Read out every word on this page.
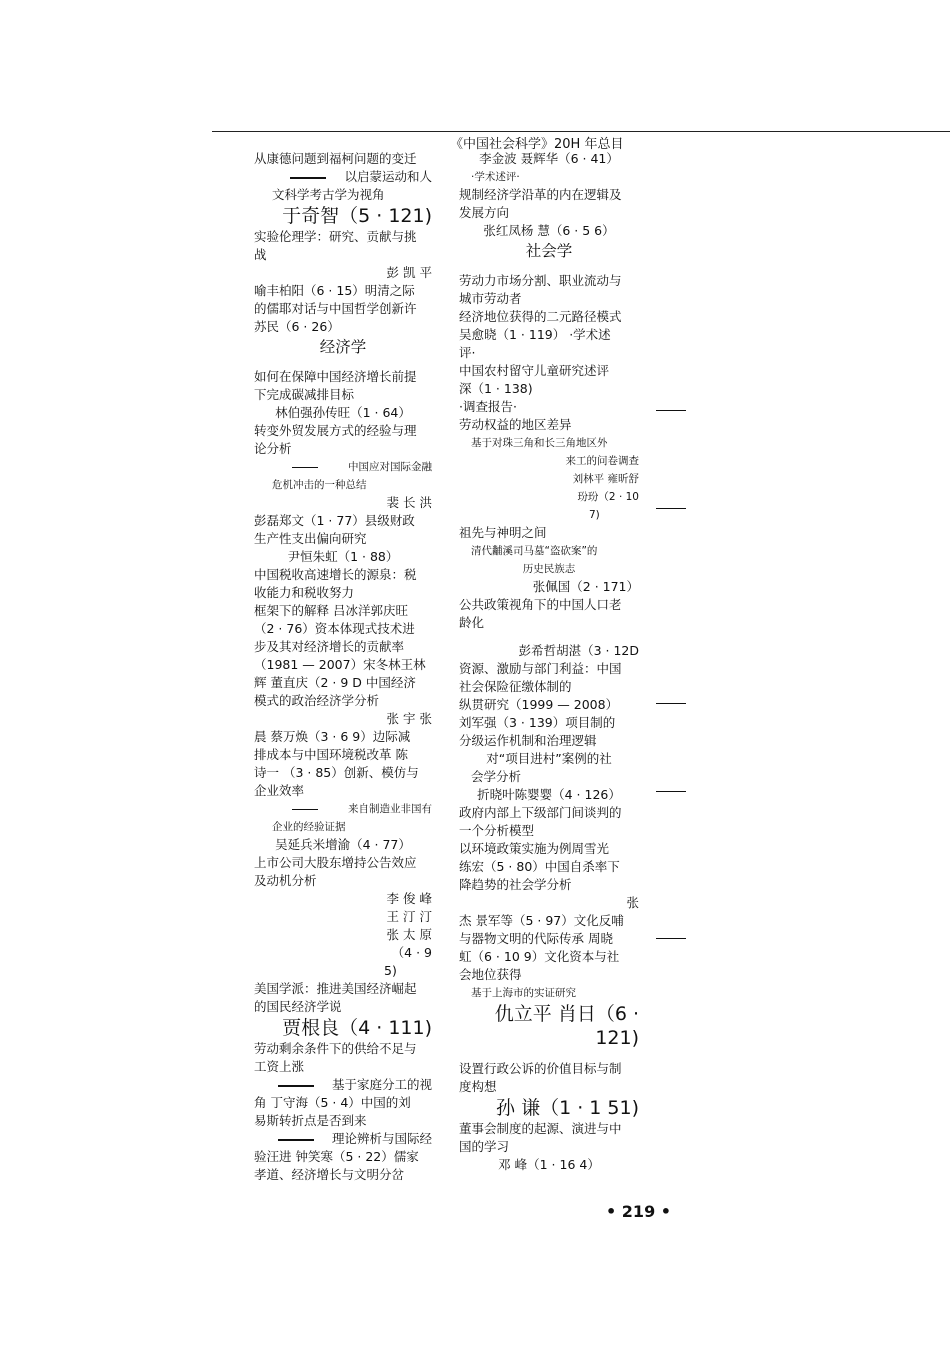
《中国社会科学》20H 年总目
从康德问题到福柯问题的变迁
以启蒙运动和人
文科学考古学为视角
于奇智（5 · 121)
实验伦理学：研究、贡献与挑
战
彭 凯 平
喻丰柏阳（6 · 15）明清之际
的儒耶对话与中国哲学创新许
苏民（6 · 26）
经济学
如何在保障中国经济增长前提
下完成碳减排目标
林伯强孙传旺（1 · 64）
转变外贸发展方式的经验与理
论分析
中国应对国际金融
危机冲击的一种总结
裴 长 洪
彭磊郑文（1 · 77）县级财政
生产性支出偏向研究
尹恒朱虹（1 · 88）
中国税收高速增长的源泉：税
收能力和税收努力
框架下的解释 吕冰洋郭庆旺
（2 · 76）资本体现式技术进
步及其对经济增长的贡献率
（1981 — 2007）宋冬林王林
辉 董直庆（2 · 9 D 中国经济
模式的政治经济学分析
张 宇 张
晨 蔡万焕（3 · 6 9）边际减
排成本与中国环境税改革 陈
诗一 （3 · 85）创新、模仿与
企业效率
来自制造业非国有
企业的经验证据
吴延兵米增渝（4 · 77）
上市公司大股东增持公告效应
及动机分析
李 俊 峰
王 汀 汀
张 太 原
（4 · 9
5)
美国学派：推进美国经济崛起
的国民经济学说
贾根良（4 · 111)
劳动剩余条件下的供给不足与
工资上涨
基于家庭分工的视
角 丁守海（5 · 4）中国的刘
易斯转折点是否到来
理论辨析与国际经
验汪进 钟笑寒（5 · 22）儒家
孝道、经济增长与文明分岔
李金波 聂辉华（6 · 41）
·学术述评·
规制经济学沿革的内在逻辑及
发展方向
张红凤杨 慧（6 · 5 6）
社会学
劳动力市场分割、职业流动与
城市劳动者
经济地位获得的二元路径模式
吴愈晓（1 · 119） ·学术述
评·
中国农村留守儿童研究述评
深（1 · 138)
·调查报告·
劳动权益的地区差异
基于对珠三角和长三角地区外
来工的问卷调查
刘林平 雍昕舒
玢玢（2 · 10
7)
祖先与神明之间
清代黼溪司马墓“盗砍案”的
历史民族志
张佩国（2 · 171）
公共政策视角下的中国人口老
龄化
彭希哲胡湛（3 · 12D
资源、激励与部门利益：中国
社会保险征缴体制的
纵贯研究（1999 — 2008）
刘军强（3 · 139）项目制的
分级运作机制和治理逻辑
对“项目进村”案例的社
会学分析
折晓叶陈婴婴（4 · 126）
政府内部上下级部门间谈判的
一个分析模型
以环境政策实施为例周雪光
练宏（5 · 80）中国自杀率下
降趋势的社会学分析
张
杰 景军等（5 · 97）文化反哺
与器物文明的代际传承 周晓
虹（6 · 10 9）文化资本与社
会地位获得
基于上海市的实证研究
仇立平 肖日（6 ·
121)
设置行政公诉的价值目标与制
度构想
孙 谦（1 · 1 51)
董事会制度的起源、演进与中
国的学习
邓 峰（1 · 16 4）
• 219 •
